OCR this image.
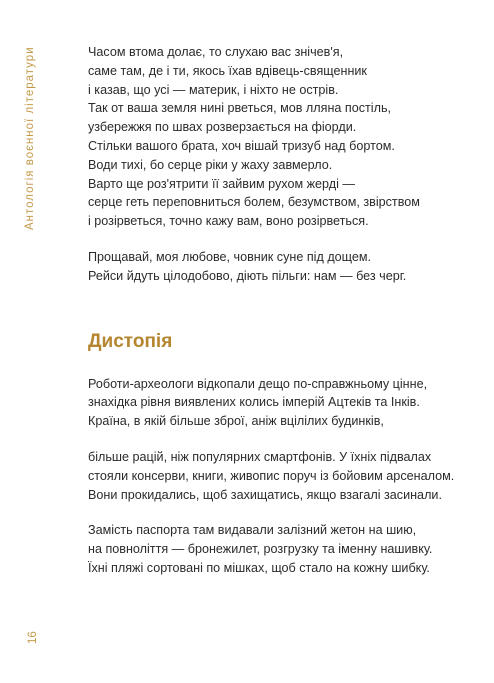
Антологія воєнної літератури
16
Часом втома долає, то слухаю вас знічев'я,
саме там, де і ти, якось їхав вдівець-священник
і казав, що усі — материк, і ніхто не острів.
Так от ваша земля нині рветься, мов лляна постіль,
узбережжя по швах розверзається на фіорди.
Стільки вашого брата, хоч вішай тризуб над бортом.
Води тихі, бо серце ріки у жаху завмерло.
Варто ще роз'ятрити її зайвим рухом жерді —
серце геть переповниться болем, безумством, звірством
і розірветься, точно кажу вам, воно розірветься.
Прощавай, моя любове, човник суне під дощем.
Рейси йдуть цілодобово, діють пільги: нам — без черг.
Дистопія
Роботи-археологи відкопали дещо по-справжньому цінне,
знахідка рівня виявлених колись імперій Ацтеків та Інків.
Країна, в якій більше зброї, аніж вцілілих будинків,
більше рацій, ніж популярних смартфонів. У їхніх підвалах
стояли консерви, книги, живопис поруч із бойовим арсеналом.
Вони прокидались, щоб захищатись, якщо взагалі засинали.
Замість паспорта там видавали залізний жетон на шию,
на повноліття — бронежилет, розгрузку та іменну нашивку.
Їхні пляжі сортовані по мішках, щоб стало на кожну шибку.
